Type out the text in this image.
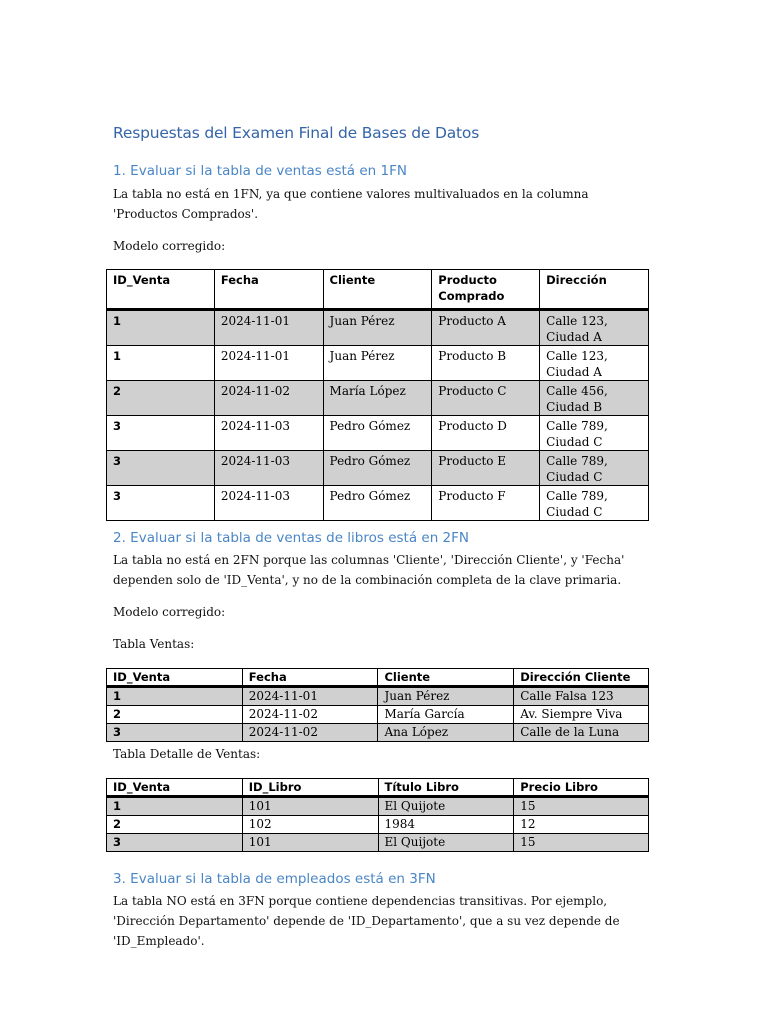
Respuestas del Examen Final de Bases de Datos
1. Evaluar si la tabla de ventas está en 1FN

La tabla no está en 1FN, ya que contiene valores multivaluados en la columna 'Productos Comprados'.

Modelo corregido:

ID_Venta	Fecha	Cliente	Producto Comprado	Dirección
1	2024-11-01	Juan Pérez	Producto A	Calle 123, Ciudad A
1	2024-11-01	Juan Pérez	Producto B	Calle 123, Ciudad A
2	2024-11-02	María López	Producto C	Calle 456, Ciudad B
3	2024-11-03	Pedro Gómez	Producto D	Calle 789, Ciudad C
3	2024-11-03	Pedro Gómez	Producto E	Calle 789, Ciudad C
3	2024-11-03	Pedro Gómez	Producto F	Calle 789, Ciudad C
2. Evaluar si la tabla de ventas de libros está en 2FN

La tabla no está en 2FN porque las columnas 'Cliente', 'Dirección Cliente', y 'Fecha' dependen solo de 'ID_Venta', y no de la combinación completa de la clave primaria.

Modelo corregido:

Tabla Ventas:

ID_Venta	Fecha	Cliente	Dirección Cliente
1	2024-11-01	Juan Pérez	Calle Falsa 123
2	2024-11-02	María García	Av. Siempre Viva
3	2024-11-02	Ana López	Calle de la Luna

Tabla Detalle de Ventas:

ID_Venta	ID_Libro	Título Libro	Precio Libro
1	101	El Quijote	15
2	102	1984	12
3	101	El Quijote	15
3. Evaluar si la tabla de empleados está en 3FN

La tabla NO está en 3FN porque contiene dependencias transitivas. Por ejemplo, 'Dirección Departamento' depende de 'ID_Departamento', que a su vez depende de 'ID_Empleado'.
